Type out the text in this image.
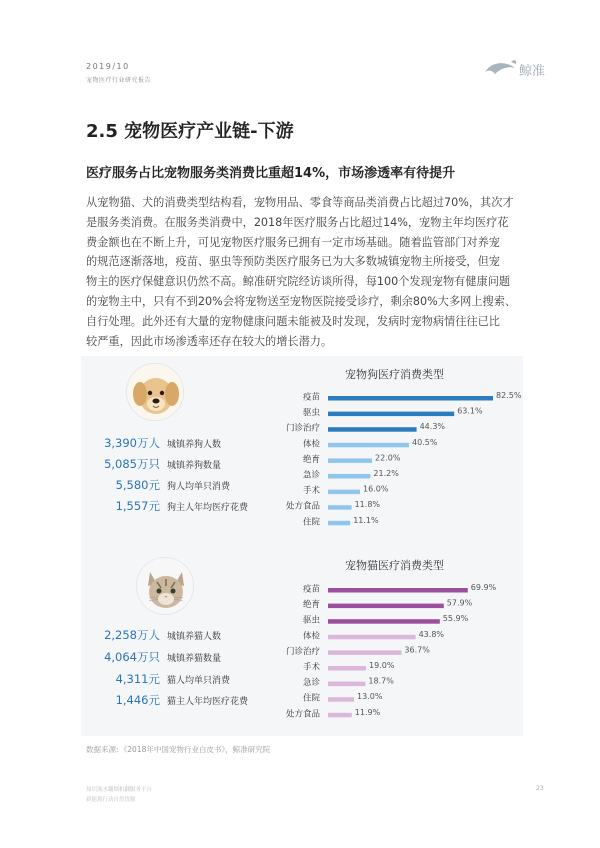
2019/10
宠物医疗行业研究报告
鲸准
2.5 宠物医疗产业链-下游
医疗服务占比宠物服务类消费比重超14%，市场渗透率有待提升
从宠物猫、犬的消费类型结构看，宠物用品、零食等商品类消费占比超过70%，其次才
是服务类消费。在服务类消费中，2018年医疗服务占比超过14%，宠物主年均医疗花
费金额也在不断上升，可见宠物医疗服务已拥有一定市场基础。随着监管部门对养宠
的规范逐渐落地，疫苗、驱虫等预防类医疗服务已为大多数城镇宠物主所接受，但宠
物主的医疗保健意识仍然不高。鲸准研究院经访谈所得，每100个发现宠物有健康问题
的宠物主中，只有不到20%会将宠物送至宠物医院接受诊疗，剩余80%大多网上搜索、
自行处理。此外还有大量的宠物健康问题未能被及时发现，发病时宠物病情往往已比
较严重，因此市场渗透率还存在较大的增长潜力。
3,390万人 城镇养狗人数
5,085万只 城镇养狗数量
5,580元 狗人均单只消费
1,557元 狗主人年均医疗花费
2,258万人 城镇养猫人数
4,064万只 城镇养猫数量
4,311元 猫人均单只消费
1,446元 猫主人年均医疗花费
宠物狗医疗消费类型
宠物猫医疗消费类型
疫苗	82.5%
驱虫	63.1%
门诊治疗	44.3%
体检	40.5%
绝育	22.0%
急诊	21.2%
手术	16.0%
处方食品	11.8%
住院	11.1%
疫苗	69.9%
绝育	57.9%
驱虫	55.9%
体检	43.8%
门诊治疗	36.7%
手术	19.0%
急诊	18.7%
住院	13.0%
处方食品	11.9%
数据来源：《2018年中国宠物行业白皮书》，鲸准研究院
知识流水翻烟机翻服务平台
新能源行动自然资源
23
